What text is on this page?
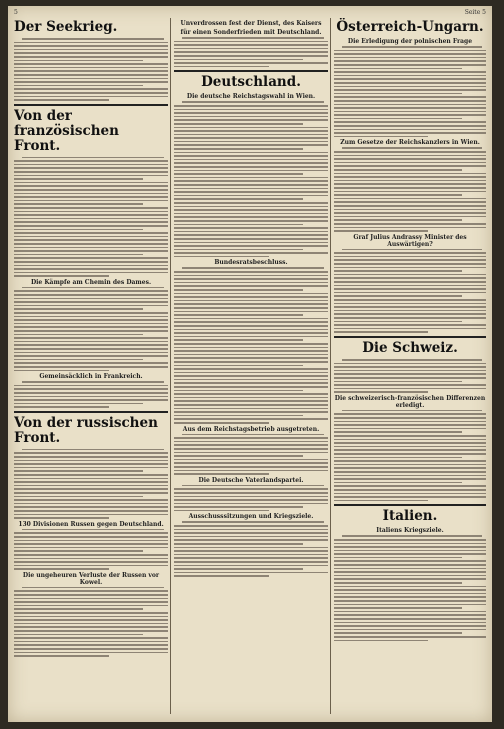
5	Seite 5
Der Seekrieg.
Von der französischen Front.
Die Kämpfe am Chemin des Dames.
Gemeinsäcklich in Frankreich.
Von der russischen Front.
130 Divisionen Russen gegen Deutschland.
Die ungeheuren Verluste der Russen vor Kowel.
Unverdrossen fest der Dienst, des Kaisers
für einen Sonderfrieden mit Deutschland.
Deutschland.
Die deutsche Reichstagswahl in Wien.
Bundesratsbeschluss.
Aus dem Reichstagsbetrieb ausgetreten.
Die Deutsche Vaterlandspartei.
Ausschusssitzungen und Kriegsziele.
Österreich-Ungarn.
Die Erledigung der polnischen Frage
Zum Gesetze der Reichskanzlers in Wien.
Graf Julius Andrassy Minister des Auswärtigen?
Die Schweiz.
Die schweizerisch-französischen Differenzen erledigt.
Italien.
Italiens Kriegsziele.
